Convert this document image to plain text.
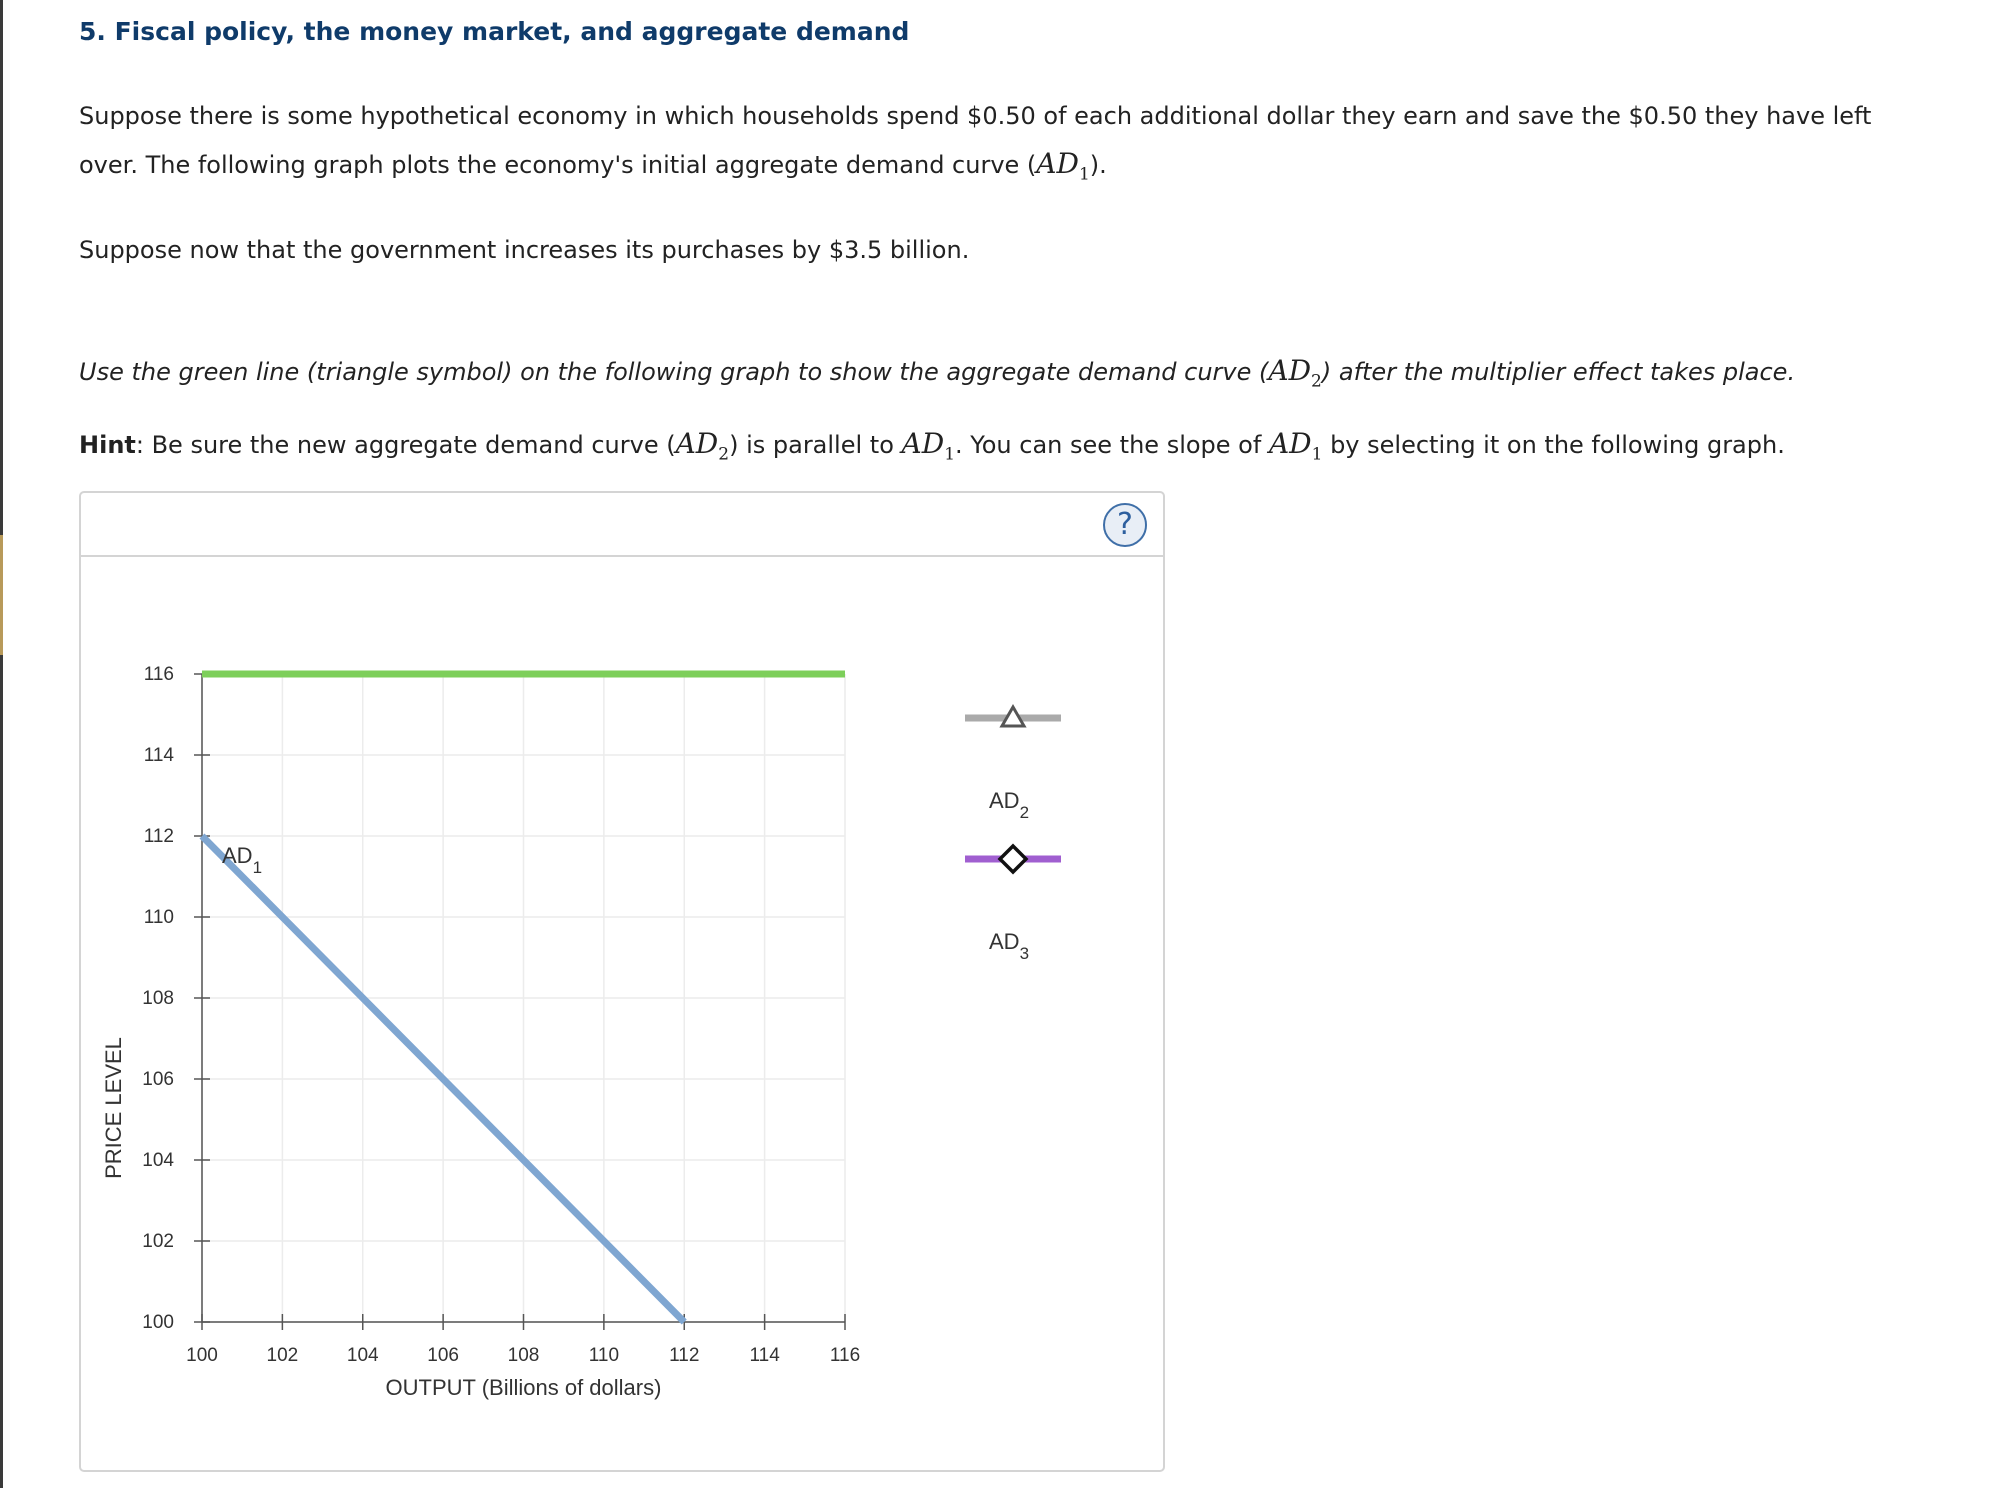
5. Fiscal policy, the money market, and aggregate demand
Suppose there is some hypothetical economy in which households spend $0.50 of each additional dollar they earn and save the $0.50 they have left
over. The following graph plots the economy's initial aggregate demand curve $(AD_1)$.
Suppose now that the government increases its purchases by $3.5 billion.
Use the green line (triangle symbol) on the following graph to show the aggregate demand curve $(AD_2)$ after the multiplier effect takes place.
Hint: Be sure the new aggregate demand curve $(AD_2)$ is parallel to $AD_1$. You can see the slope of $AD_1$ by selecting it on the following graph.
?
100
102
104
106
108
110
112
114
116
100	102	104	106	108	110	112	114	116
OUTPUT (Billions of dollars)
PRICE LEVEL
$AD_1$
$AD_2$
$AD_3$
